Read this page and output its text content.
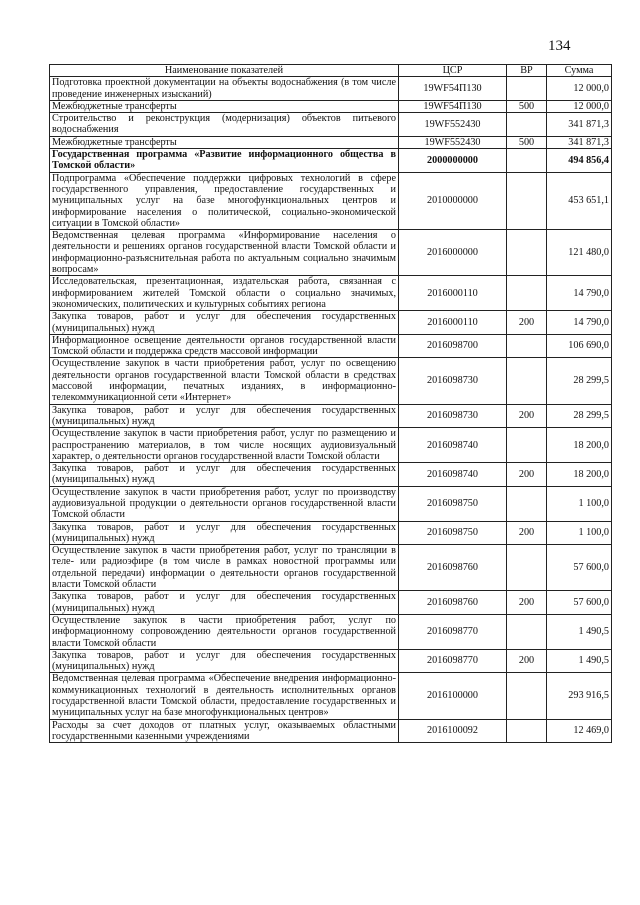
134
Наименование показателей	ЦСР	ВР	Сумма
Подготовка проектной документации на объекты водоснабжения (в том числе проведение инженерных изысканий)	19WF54П130		12 000,0
Межбюджетные трансферты	19WF54П130	500	12 000,0
Строительство и реконструкция (модернизация) объектов питьевого водоснабжения	19WF552430		341 871,3
Межбюджетные трансферты	19WF552430	500	341 871,3
Государственная программа «Развитие информационного общества в Томской области»	2000000000		494 856,4
Подпрограмма «Обеспечение поддержки цифровых технологий в сфере государственного управления, предоставление государственных и муниципальных услуг на базе многофункциональных центров и информирование населения о политической, социально-экономической ситуации в Томской области»	2010000000		453 651,1
Ведомственная целевая программа «Информирование населения о деятельности и решениях органов государственной власти Томской области и информационно-разъяснительная работа по актуальным социально значимым вопросам»	2016000000		121 480,0
Исследовательская, презентационная, издательская работа, связанная с информированием жителей Томской области о социально значимых, экономических, политических и культурных событиях региона	2016000110		14 790,0
Закупка товаров, работ и услуг для обеспечения государственных (муниципальных) нужд	2016000110	200	14 790,0
Информационное освещение деятельности органов государственной власти Томской области и поддержка средств массовой информации	2016098700		106 690,0
Осуществление закупок в части приобретения работ, услуг по освещению деятельности органов государственной власти Томской области в средствах массовой информации, печатных изданиях, в информационно-телекоммуникационной сети «Интернет»	2016098730		28 299,5
Закупка товаров, работ и услуг для обеспечения государственных (муниципальных) нужд	2016098730	200	28 299,5
Осуществление закупок в части приобретения работ, услуг по размещению и распространению материалов, в том числе носящих аудиовизуальный характер, о деятельности органов государственной власти Томской области	2016098740		18 200,0
Закупка товаров, работ и услуг для обеспечения государственных (муниципальных) нужд	2016098740	200	18 200,0
Осуществление закупок в части приобретения работ, услуг по производству аудиовизуальной продукции о деятельности органов государственной власти Томской области	2016098750		1 100,0
Закупка товаров, работ и услуг для обеспечения государственных (муниципальных) нужд	2016098750	200	1 100,0
Осуществление закупок в части приобретения работ, услуг по трансляции в теле- или радиоэфире (в том числе в рамках новостной программы или отдельной передачи) информации о деятельности органов государственной власти Томской области	2016098760		57 600,0
Закупка товаров, работ и услуг для обеспечения государственных (муниципальных) нужд	2016098760	200	57 600,0
Осуществление закупок в части приобретения работ, услуг по информационному сопровождению деятельности органов государственной власти Томской области	2016098770		1 490,5
Закупка товаров, работ и услуг для обеспечения государственных (муниципальных) нужд	2016098770	200	1 490,5
Ведомственная целевая программа «Обеспечение внедрения информационно-коммуникационных технологий в деятельность исполнительных органов государственной власти Томской области, предоставление государственных и муниципальных услуг на базе многофункциональных центров»	2016100000		293 916,5
Расходы за счет доходов от платных услуг, оказываемых областными государственными казенными учреждениями	2016100092		12 469,0
